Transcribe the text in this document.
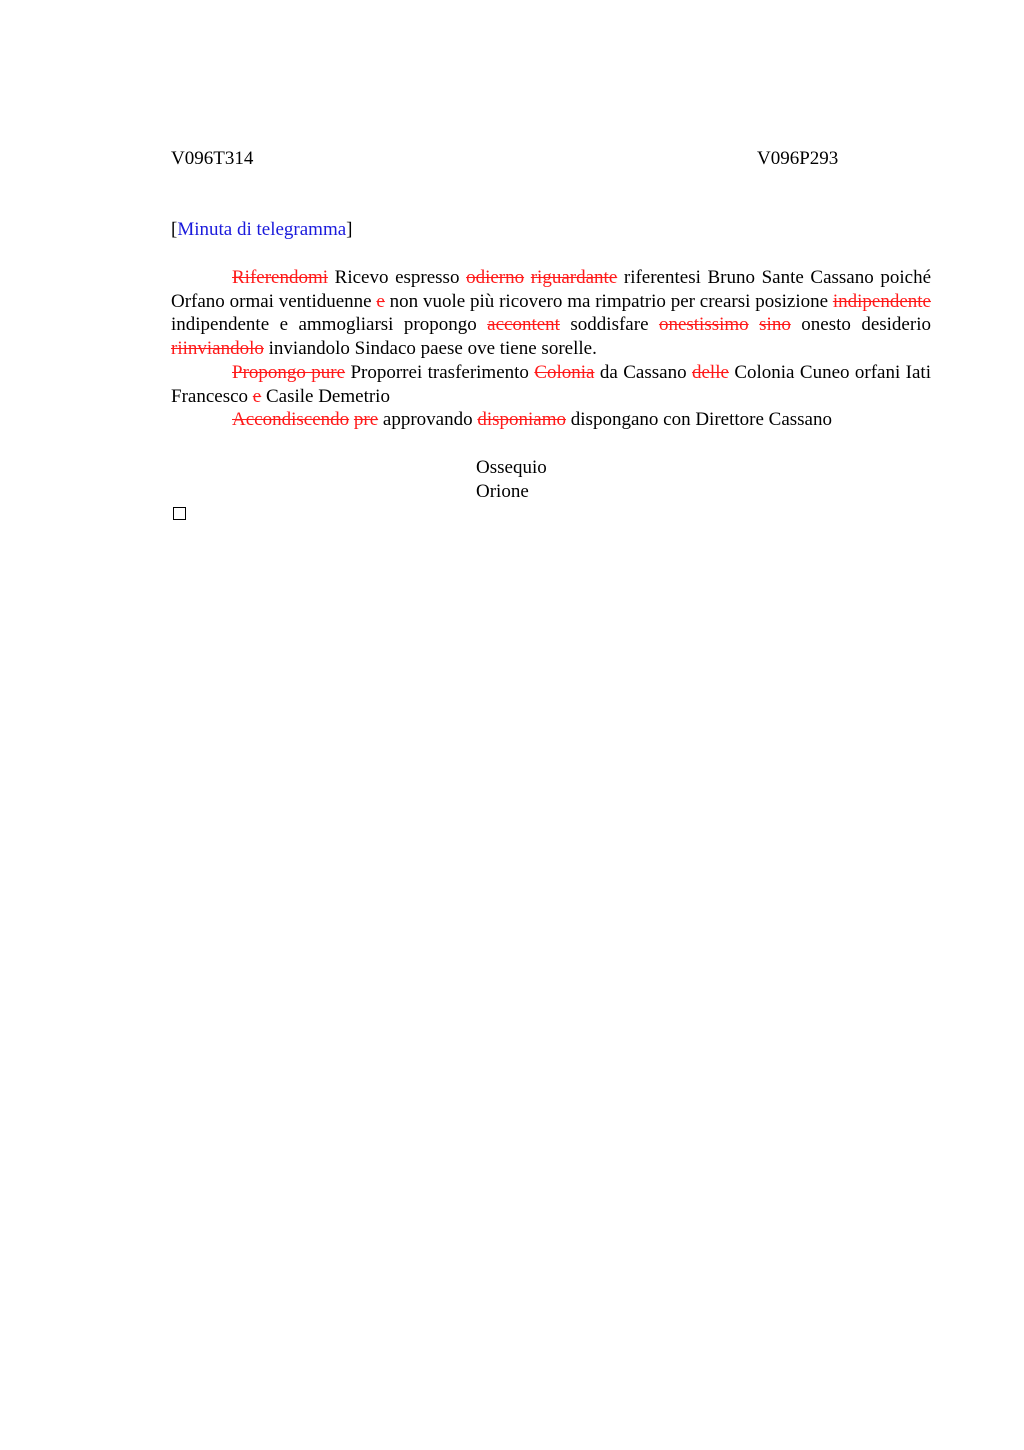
V096T314	V096P293
[Minuta di telegramma]

Riferendomi Ricevo espresso odierno riguardante riferentesi Bruno Sante Cassano poiché Orfano ormai ventiduenne e non vuole più ricovero ma rimpatrio per crearsi posizione indipendente indipendente e ammogliarsi propongo accontent soddisfare onestissimo sino onesto desiderio riinviandolo inviandolo Sindaco paese ove tiene sorelle.

Propongo pure Proporrei trasferimento Colonia da Cassano delle Colonia Cuneo orfani Iati Francesco e Casile Demetrio

Accondiscendo pre approvando disponiamo dispongano con Direttore Cassano

Ossequio
Orione
